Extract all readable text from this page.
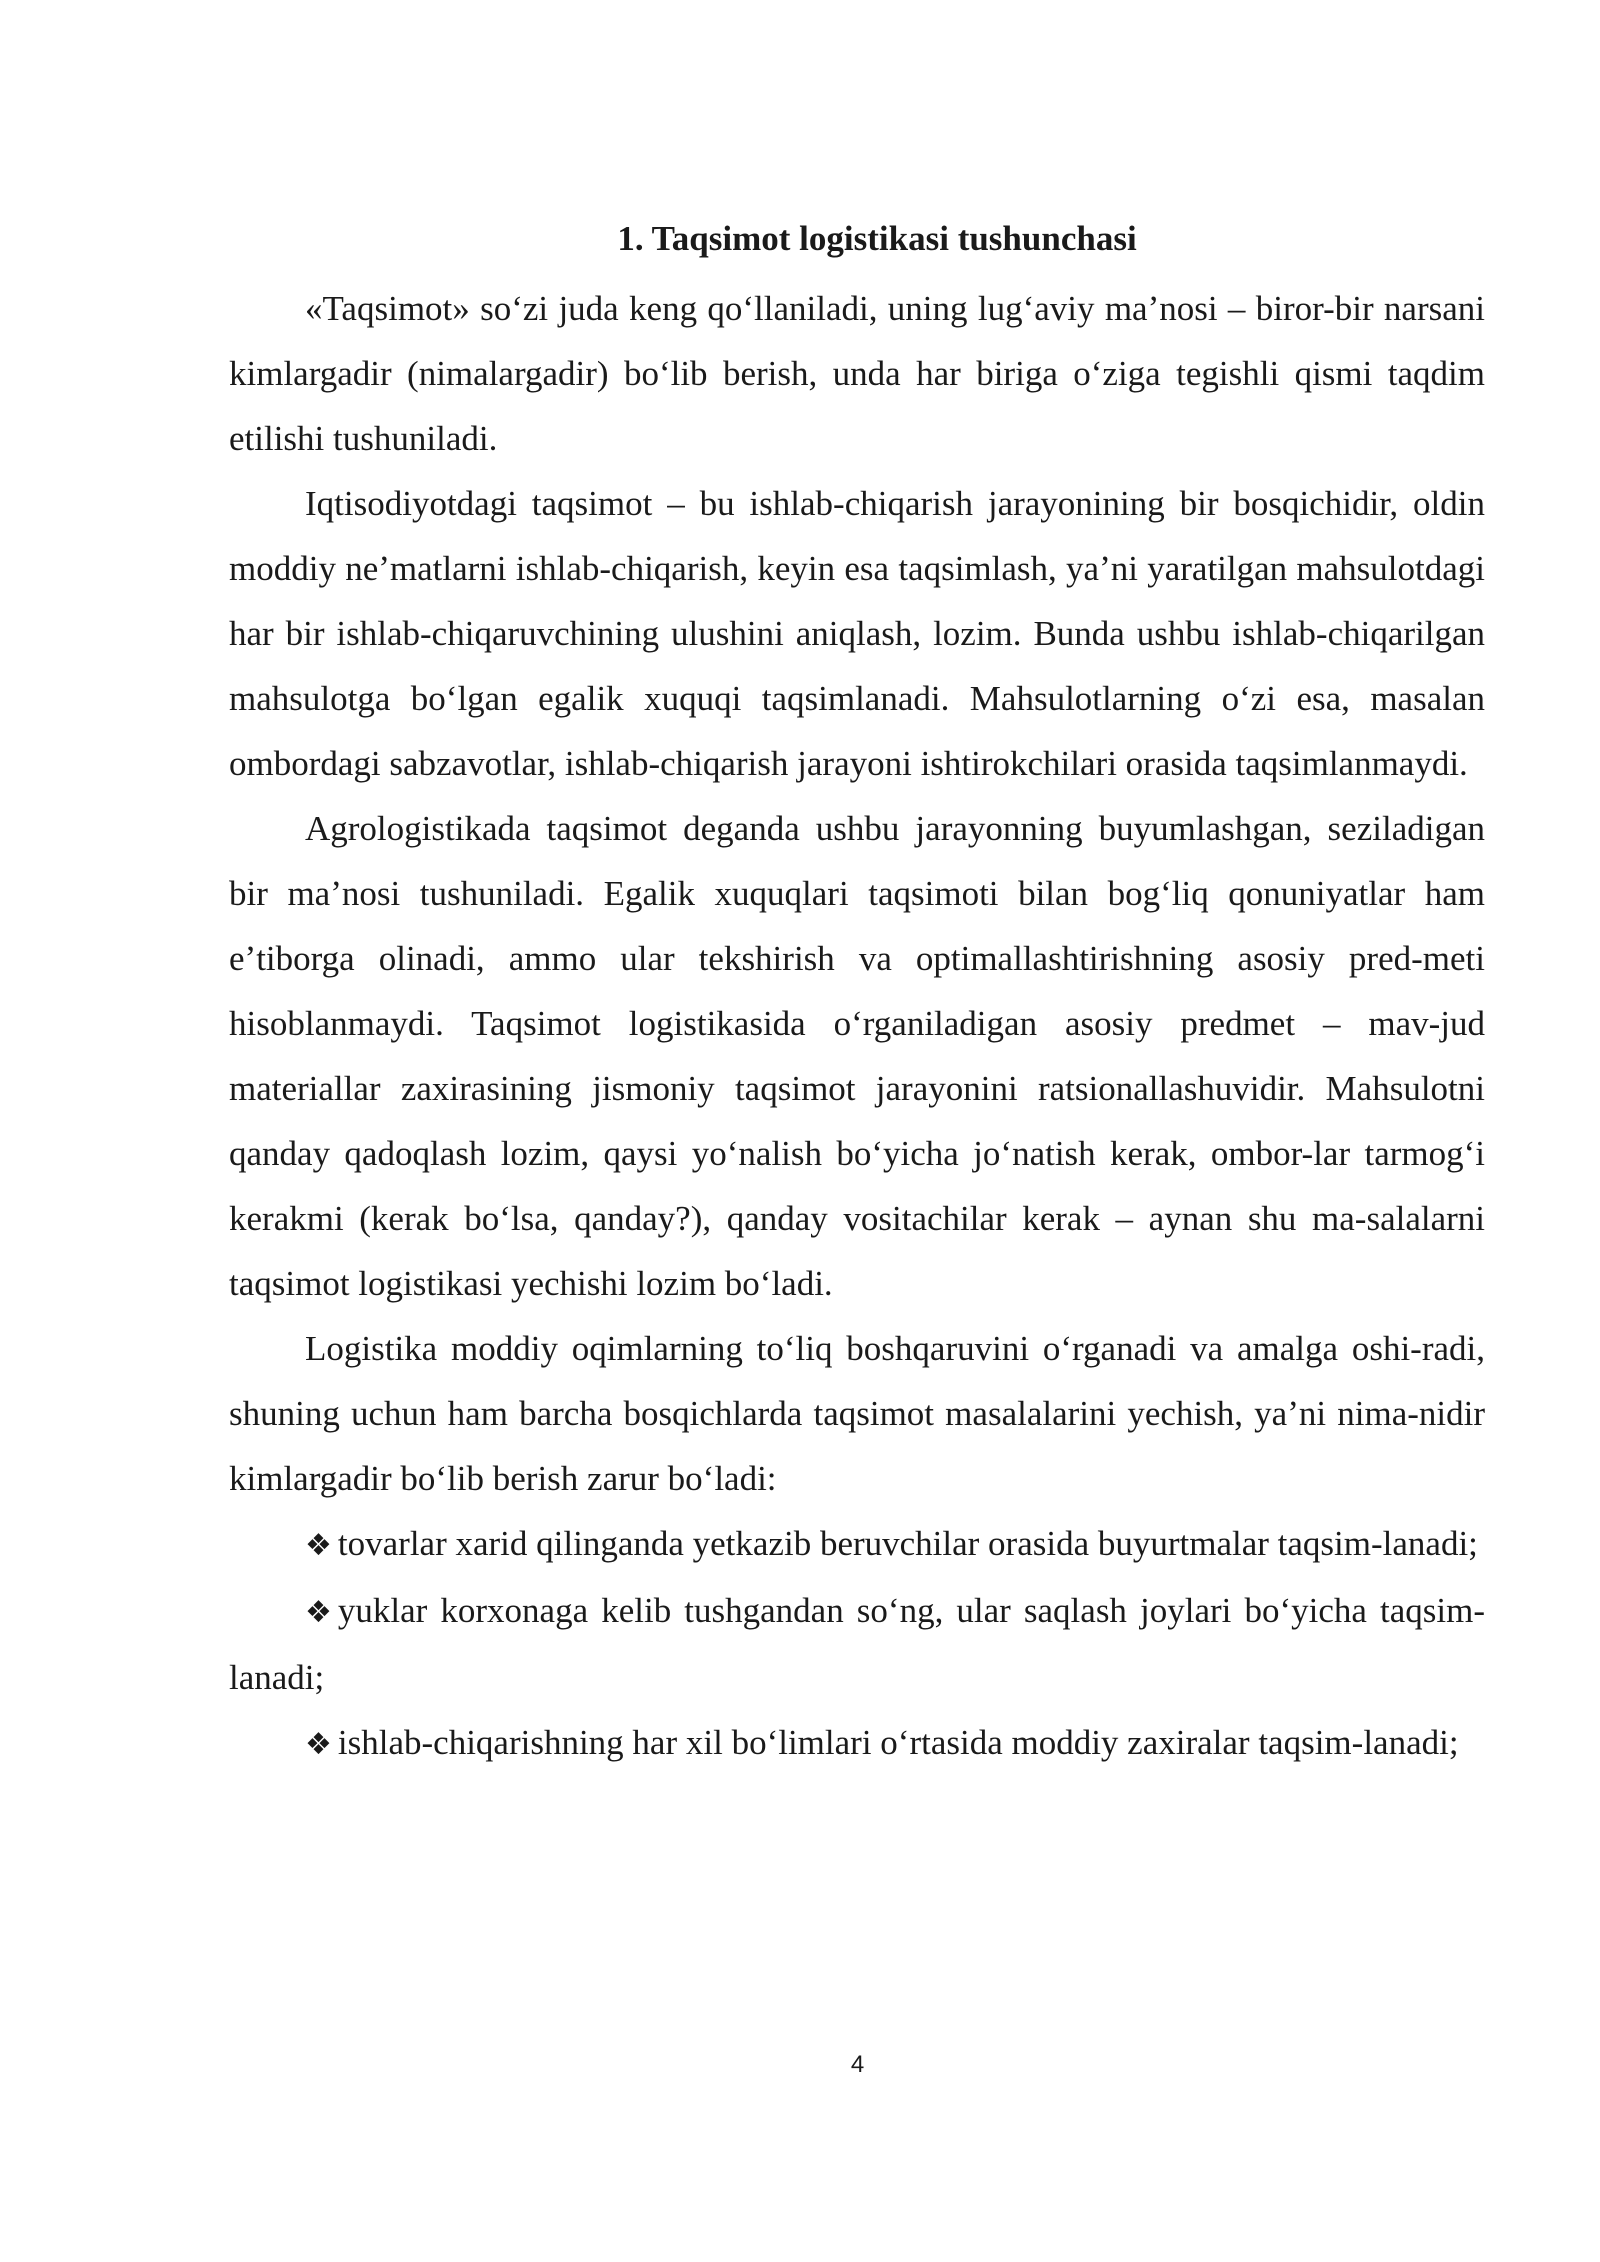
1. Taqsimot logistikasi tushunchasi

«Taqsimot» soʻzi juda keng qoʻllaniladi, uning lugʻaviy maʼnosi – biror-bir narsani kimlargadir (nimalargadir) boʻlib berish, unda har biriga oʻziga tegishli qismi taqdim etilishi tushuniladi.

Iqtisodiyotdagi taqsimot – bu ishlab-chiqarish jarayonining bir bosqichidir, oldin moddiy neʼmatlarni ishlab-chiqarish, keyin esa taqsimlash, yaʼni yaratilgan mahsulotdagi har bir ishlab-chiqaruvchining ulushini aniqlash, lozim. Bunda ushbu ishlab-chiqarilgan mahsulotga boʻlgan egalik xuquqi taqsimlanadi. Mahsulotlarning oʻzi esa, masalan ombordagi sabzavotlar, ishlab-chiqarish jarayoni ishtirokchilari orasida taqsimlanmaydi.

Agrologistikada taqsimot deganda ushbu jarayonning buyumlashgan, seziladigan bir maʼnosi tushuniladi. Egalik xuquqlari taqsimoti bilan bogʻliq qonuniyatlar ham eʼtiborga olinadi, ammo ular tekshirish va optimallashtirishning asosiy pred-meti hisoblanmaydi. Taqsimot logistikasida oʻrganiladigan asosiy predmet – mav-jud materiallar zaxirasining jismoniy taqsimot jarayonini ratsionallashuvidir. Mahsulotni qanday qadoqlash lozim, qaysi yoʻnalish boʻyicha joʻnatish kerak, ombor-lar tarmogʻi kerakmi (kerak boʻlsa, qanday?), qanday vositachilar kerak – aynan shu ma-salalarni taqsimot logistikasi yechishi lozim boʻladi.

Logistika moddiy oqimlarning toʻliq boshqaruvini oʻrganadi va amalga oshi-radi, shuning uchun ham barcha bosqichlarda taqsimot masalalarini yechish, yaʼni nima-nidir kimlargadir boʻlib berish zarur boʻladi:

❖ tovarlar xarid qilinganda yetkazib beruvchilar orasida buyurtmalar taqsim-lanadi;

❖ yuklar korxonaga kelib tushgandan soʻng, ular saqlash joylari boʻyicha taqsim-lanadi;

❖ ishlab-chiqarishning har xil boʻlimlari oʻrtasida moddiy zaxiralar taqsim-lanadi;

4
